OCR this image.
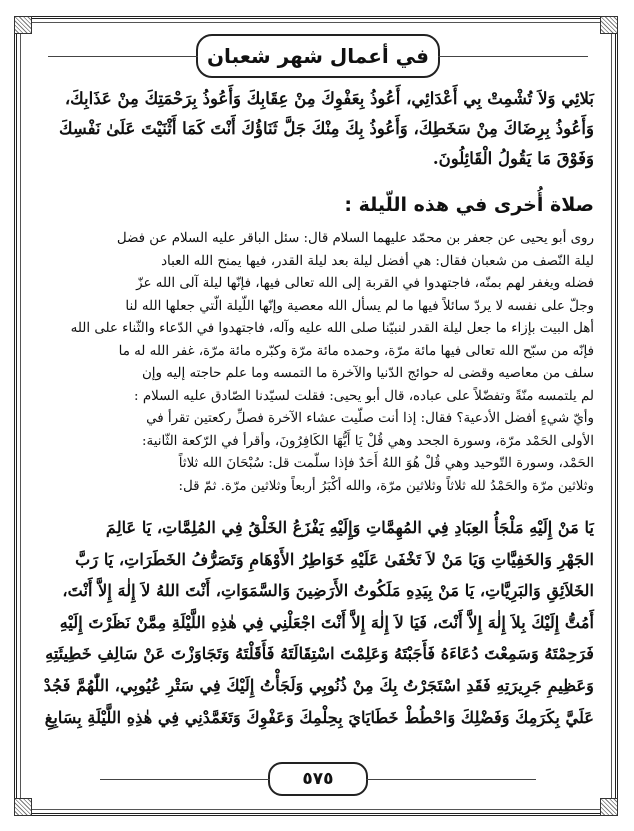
في أعمال شهر شعبان

بَلائِي وَلاَ تُشْمِتْ بِي أَعْدَائِي، أَعُوذُ بِعَفْوِكَ مِنْ عِقَابِكَ وَأَعُوذُ بِرَحْمَتِكَ مِنْ عَذَابِكَ،

وَأَعُوذُ بِرِضَاكَ مِنْ سَخَطِكَ، وَأَعُوذُ بِكَ مِنْكَ جَلَّ ثَنَاؤُكَ أَنْتَ كَمَا أَثْنَيْتَ عَلَىٰ نَفْسِكَ

وَفَوْقَ مَا يَقُولُ الْقَائِلُونَ.

صلاة أُخرى في هذه اللّيلة :

روى أبو يحيى عن جعفر بن محمّد عليهما السلام قال: سئل الباقر عليه السلام عن فضل

ليلة النّصف من شعبان فقال: هي أفضل ليلة بعد ليلة القدر، فيها يمنح الله العباد

فضله ويغفر لهم بمنّه، فاجتهدوا في القربة إلى الله تعالى فيها، فإنّها ليلة آلى الله عزّ

وجلّ على نفسه لا يردّ سائلاً فيها ما لم يسأل الله معصية وإنّها اللّيلة الّتي جعلها الله لنا

أهل البيت بإزاء ما جعل ليلة القدر لنبيّنا صلى الله عليه وآله، فاجتهدوا في الدّعاء والثّناء على الله

فإنّه من سبّح الله تعالى فيها مائة مرّة، وحمده مائة مرّة وكبّره مائة مرّة، غفر الله له ما

سلف من معاصيه وقضى له حوائج الدّنيا والآخرة ما التمسه وما علم حاجته إليه وإن

لم يلتمسه منّةً وتفضّلاً على عباده، قال أبو يحيى: فقلت لسيّدنا الصّادق عليه السلام :

وأيّ شيءٍ أفضل الأدعية؟ فقال: إذا أنت صلّيت عشاء الآخرة فصلِّ ركعتين تقرأ في

الأولى الحَمْد مرّة، وسورة الجحد وهي قُلْ يَا أَيُّهَا الكَافِرُونَ، وأقرأ في الرّكعة الثّانية:

الحَمْد، وسورة التّوحيد وهي قُلْ هُوَ اللهُ أَحَدٌ فإذا سلّمت قل: سُبْحَانَ الله ثلاثاً

وثلاثين مرّة والحَمْدُ لله ثلاثاً وثلاثين مرّة، والله أكْبَرُ أربعاً وثلاثين مرّة. ثمّ قل:

يَا مَنْ إِلَيْهِ مَلْجَأُ العِبَادِ فِي المُهِمَّاتِ وَإِلَيْهِ يَفْزَعُ الخَلْقُ فِي المُلِمَّاتِ، يَا عَالِمَ

الجَهْرِ وَالخَفِيَّاتِ وَيَا مَنْ لاَ تَخْفَىٰ عَلَيْهِ خَوَاطِرُ الأَوْهَامِ وَتَصَرُّفُ الخَطَرَاتِ، يَا رَبَّ

الخَلاَئِقِ وَالبَرِيَّاتِ، يَا مَنْ بِيَدِهِ مَلَكُوتُ الأَرَضِينَ وَالسَّمَوَاتِ، أَنْتَ اللهُ لاَ إِلٰهَ إِلاَّ أَنْتَ،

أَمُتُّ إِلَيْكَ بِلاَ إِلٰهَ إِلاَّ أَنْتَ، فَيَا لاَ إِلٰهَ إِلاَّ أَنْتَ اجْعَلْنِي فِي هٰذِهِ اللَّيْلَةِ مِمَّنْ نَظَرْتَ إِلَيْهِ

فَرَحِمْتَهُ وَسَمِعْتَ دُعَاءَهُ فَأَجَبْتَهُ وَعَلِمْتَ اسْتِقَالَتَهُ فَأَقَلْتَهُ وَتَجَاوَزْتَ عَنْ سَالِفِ خَطِيئَتِهِ

وَعَظِيمِ جَرِيرَتِهِ فَقَدِ اسْتَجَرْتُ بِكَ مِنْ ذُنُوبِي وَلَجَأْتُ إِلَيْكَ فِي سَتْرِ عُيُوبِي، اللّٰهُمَّ فَجُدْ

عَلَيَّ بِكَرَمِكَ وَفَضْلِكَ وَاحْطُطْ خَطَايَايَ بِحِلْمِكَ وَعَفْوِكَ وَتَغَمَّدْنِي فِي هٰذِهِ اللَّيْلَةِ بِسَابِغِ

٥٧٥
